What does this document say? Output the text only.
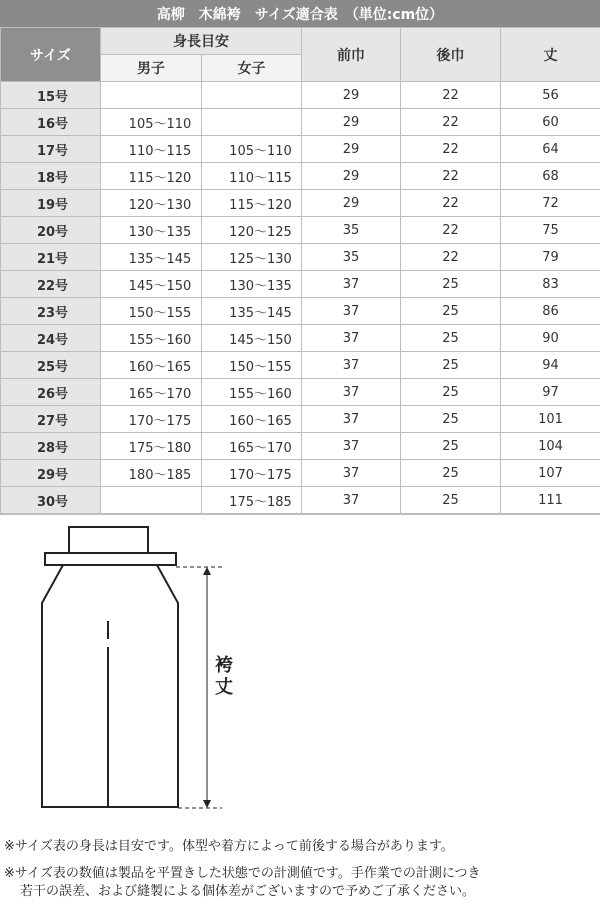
高柳　木綿袴　サイズ適合表　（単位:cm位）
サイズ	身長目安		前巾	後巾	丈
	男子	女子			
15号			29	22	56
16号	105～110		29	22	60
17号	110～115	105～110	29	22	64
18号	115～120	110～115	29	22	68
19号	120～130	115～120	29	22	72
20号	130～135	120～125	35	22	75
21号	135～145	125～130	35	22	79
22号	145～150	130～135	37	25	83
23号	150～155	135～145	37	25	86
24号	155～160	145～150	37	25	90
25号	160～165	150～155	37	25	94
26号	165～170	155～160	37	25	97
27号	170～175	160～165	37	25	101
28号	175～180	165～170	37	25	104
29号	180～185	170～175	37	25	107
30号		175～185	37	25	111
袴
丈
※サイズ表の身長は目安です。体型や着方によって前後する場合があります。
※サイズ表の数値は製品を平置きした状態での計測値です。手作業での計測につき
若干の誤差、および縫製による個体差がございますので予めご了承ください。
